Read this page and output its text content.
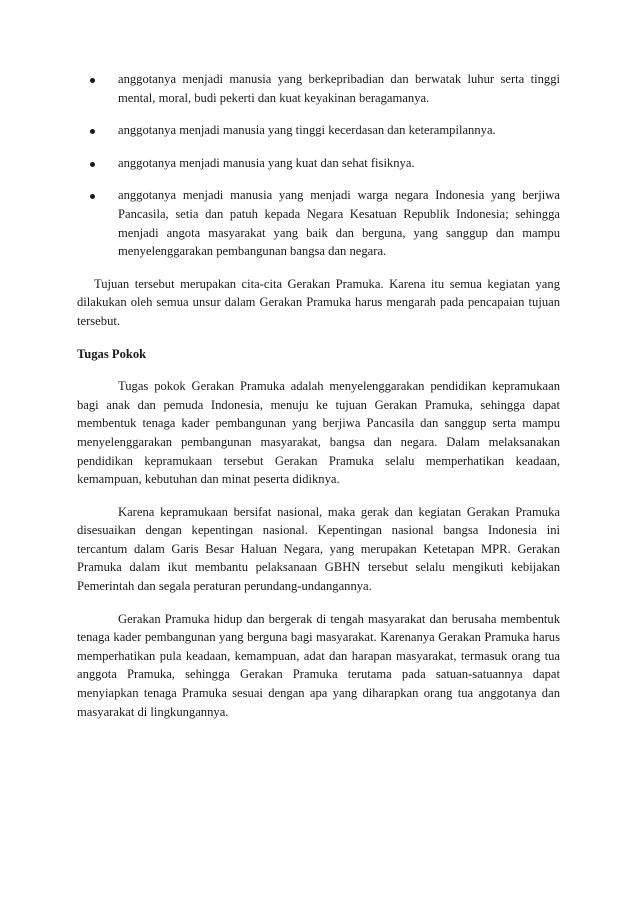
anggotanya menjadi manusia yang berkepribadian dan berwatak luhur serta tinggi mental, moral, budi pekerti dan kuat keyakinan beragamanya.
anggotanya menjadi manusia yang tinggi kecerdasan dan keterampilannya.
anggotanya menjadi manusia yang kuat dan sehat fisiknya.
anggotanya menjadi manusia yang menjadi warga negara Indonesia yang berjiwa Pancasila, setia dan patuh kepada Negara Kesatuan Republik Indonesia; sehingga menjadi angota masyarakat yang baik dan berguna, yang sanggup dan mampu menyelenggarakan pembangunan bangsa dan negara.

Tujuan tersebut merupakan cita-cita Gerakan Pramuka. Karena itu semua kegiatan yang dilakukan oleh semua unsur dalam Gerakan Pramuka harus mengarah pada pencapaian tujuan tersebut.

Tugas Pokok

Tugas pokok Gerakan Pramuka adalah menyelenggarakan pendidikan kepramukaan bagi anak dan pemuda Indonesia, menuju ke tujuan Gerakan Pramuka, sehingga dapat membentuk tenaga kader pembangunan yang berjiwa Pancasila dan sanggup serta mampu menyelenggarakan pembangunan masyarakat, bangsa dan negara. Dalam melaksanakan pendidikan kepramukaan tersebut Gerakan Pramuka selalu memperhatikan keadaan, kemampuan, kebutuhan dan minat peserta didiknya.

Karena kepramukaan bersifat nasional, maka gerak dan kegiatan Gerakan Pramuka disesuaikan dengan kepentingan nasional. Kepentingan nasional bangsa Indonesia ini tercantum dalam Garis Besar Haluan Negara, yang merupakan Ketetapan MPR. Gerakan Pramuka dalam ikut membantu pelaksanaan GBHN tersebut selalu mengikuti kebijakan Pemerintah dan segala peraturan perundang-undangannya.

Gerakan Pramuka hidup dan bergerak di tengah masyarakat dan berusaha membentuk tenaga kader pembangunan yang berguna bagi masyarakat. Karenanya Gerakan Pramuka harus memperhatikan pula keadaan, kemampuan, adat dan harapan masyarakat, termasuk orang tua anggota Pramuka, sehingga Gerakan Pramuka terutama pada satuan-satuannya dapat menyiapkan tenaga Pramuka sesuai dengan apa yang diharapkan orang tua anggotanya dan masyarakat di lingkungannya.
